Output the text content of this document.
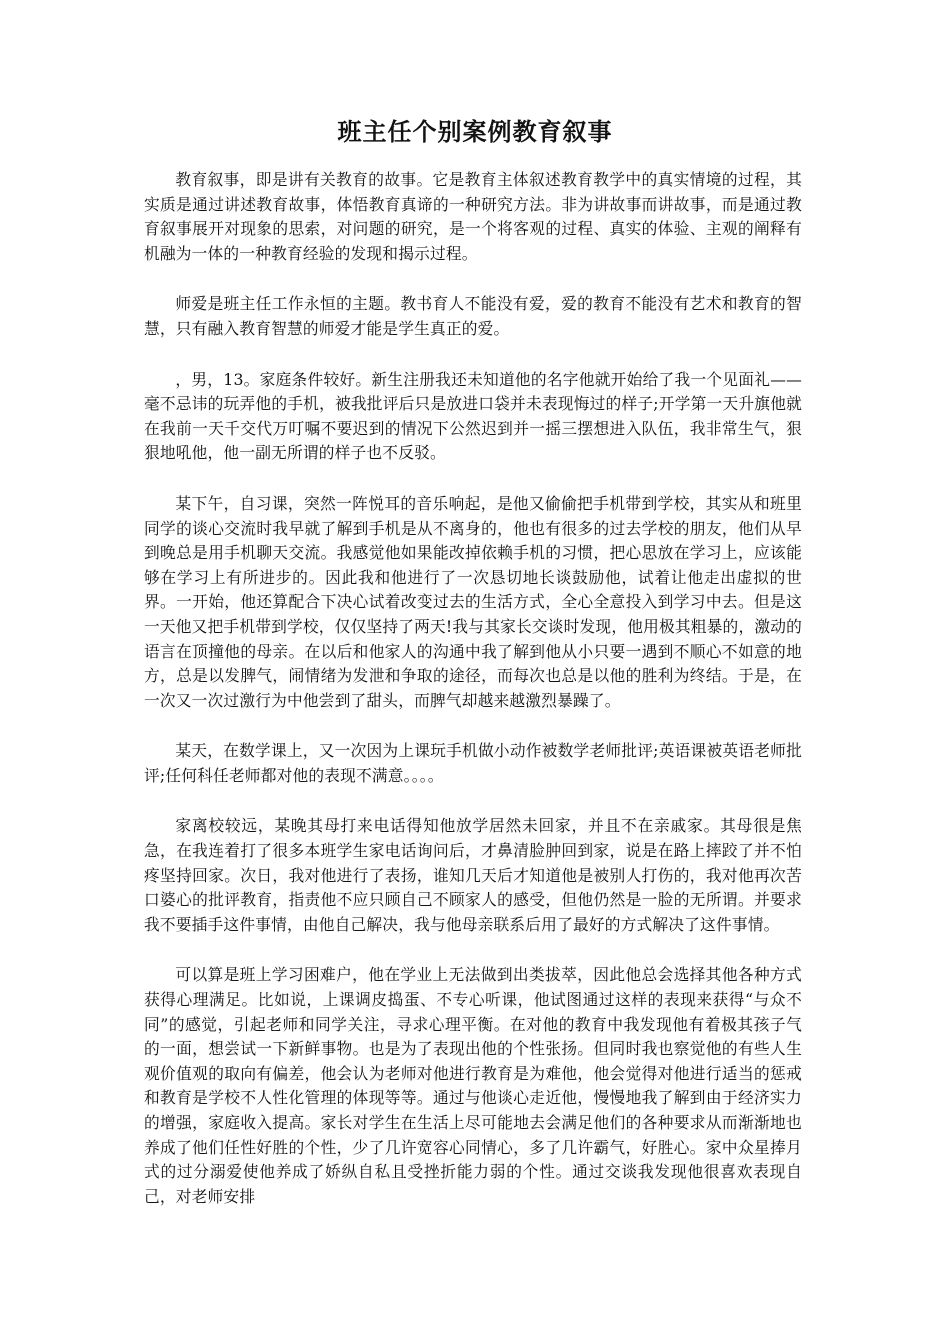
班主任个别案例教育叙事

教育叙事，即是讲有关教育的故事。它是教育主体叙述教育教学中的真实情境的过程，其实质是通过讲述教育故事，体悟教育真谛的一种研究方法。非为讲故事而讲故事，而是通过教育叙事展开对现象的思索，对问题的研究，是一个将客观的过程、真实的体验、主观的阐释有机融为一体的一种教育经验的发现和揭示过程。

师爱是班主任工作永恒的主题。教书育人不能没有爱，爱的教育不能没有艺术和教育的智慧，只有融入教育智慧的师爱才能是学生真正的爱。

，男，13。家庭条件较好。新生注册我还未知道他的名字他就开始给了我一个见面礼——毫不忌讳的玩弄他的手机，被我批评后只是放进口袋并未表现悔过的样子;开学第一天升旗他就在我前一天千交代万叮嘱不要迟到的情况下公然迟到并一摇三摆想进入队伍，我非常生气，狠狠地吼他，他一副无所谓的样子也不反驳。

某下午，自习课，突然一阵悦耳的音乐响起，是他又偷偷把手机带到学校，其实从和班里同学的谈心交流时我早就了解到手机是从不离身的，他也有很多的过去学校的朋友，他们从早到晚总是用手机聊天交流。我感觉他如果能改掉依赖手机的习惯，把心思放在学习上，应该能够在学习上有所进步的。因此我和他进行了一次恳切地长谈鼓励他，试着让他走出虚拟的世界。一开始，他还算配合下决心试着改变过去的生活方式，全心全意投入到学习中去。但是这一天他又把手机带到学校，仅仅坚持了两天!我与其家长交谈时发现，他用极其粗暴的，激动的语言在顶撞他的母亲。在以后和他家人的沟通中我了解到他从小只要一遇到不顺心不如意的地方，总是以发脾气，闹情绪为发泄和争取的途径，而每次也总是以他的胜利为终结。于是，在一次又一次过激行为中他尝到了甜头，而脾气却越来越激烈暴躁了。

某天，在数学课上，又一次因为上课玩手机做小动作被数学老师批评;英语课被英语老师批评;任何科任老师都对他的表现不满意。。。。

家离校较远，某晚其母打来电话得知他放学居然未回家，并且不在亲戚家。其母很是焦急，在我连着打了很多本班学生家电话询问后，才鼻清脸肿回到家，说是在路上摔跤了并不怕疼坚持回家。次日，我对他进行了表扬，谁知几天后才知道他是被别人打伤的，我对他再次苦口婆心的批评教育，指责他不应只顾自己不顾家人的感受，但他仍然是一脸的无所谓。并要求我不要插手这件事情，由他自己解决，我与他母亲联系后用了最好的方式解决了这件事情。

可以算是班上学习困难户，他在学业上无法做到出类拔萃，因此他总会选择其他各种方式获得心理满足。比如说，上课调皮捣蛋、不专心听课，他试图通过这样的表现来获得“与众不同”的感觉，引起老师和同学关注，寻求心理平衡。在对他的教育中我发现他有着极其孩子气的一面，想尝试一下新鲜事物。也是为了表现出他的个性张扬。但同时我也察觉他的有些人生观价值观的取向有偏差，他会认为老师对他进行教育是为难他，他会觉得对他进行适当的惩戒和教育是学校不人性化管理的体现等等。通过与他谈心走近他，慢慢地我了解到由于经济实力的增强，家庭收入提高。家长对学生在生活上尽可能地去会满足他们的各种要求从而渐渐地也养成了他们任性好胜的个性，少了几许宽容心同情心，多了几许霸气，好胜心。家中众星捧月式的过分溺爱使他养成了娇纵自私且受挫折能力弱的个性。通过交谈我发现他很喜欢表现自己，对老师安排
